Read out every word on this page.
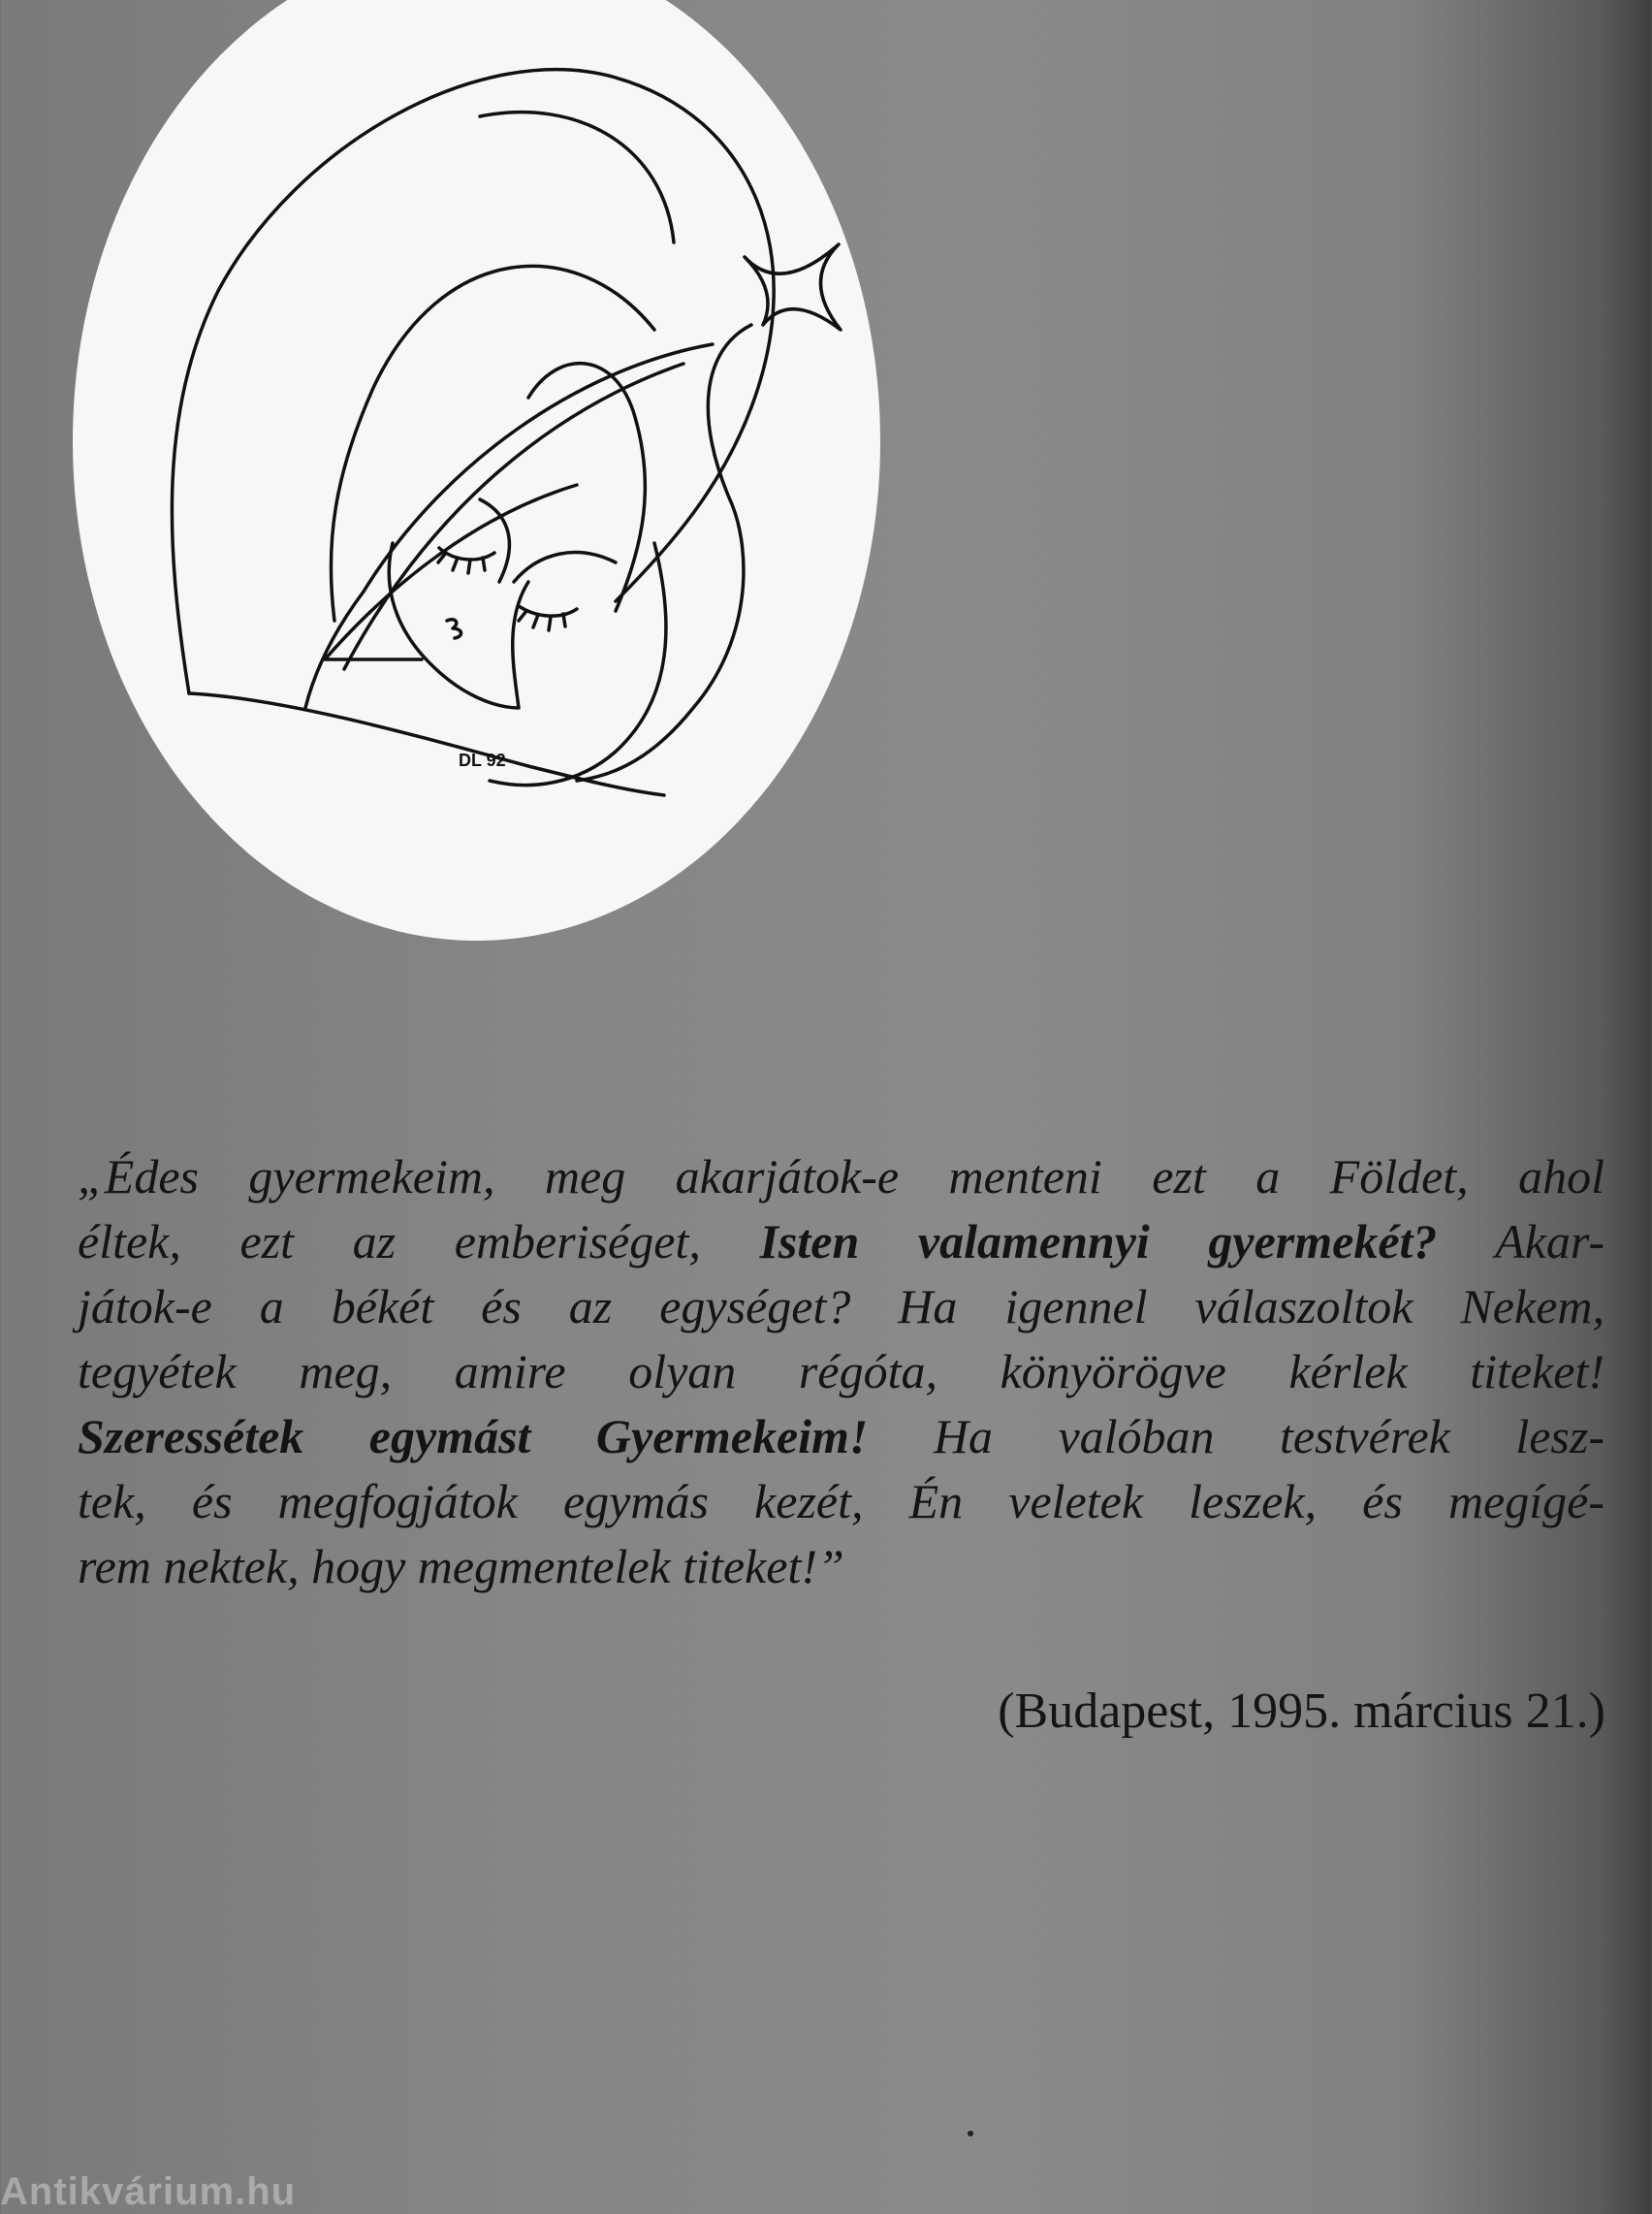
DL 92
„Édes gyermekeim, meg akarjátok-e menteni ezt a Földet, ahol
éltek, ezt az emberiséget, Isten valamennyi gyermekét? Akar-
játok-e a békét és az egységet? Ha igennel válaszoltok Nekem,
tegyétek meg, amire olyan régóta, könyörögve kérlek titeket!
Szeressétek egymást Gyermekeim! Ha valóban testvérek lesz-
tek, és megfogjátok egymás kezét, Én veletek leszek, és megígé-
rem nektek, hogy megmentelek titeket!”
(Budapest, 1995. március 21.)
Antikvárium.hu
